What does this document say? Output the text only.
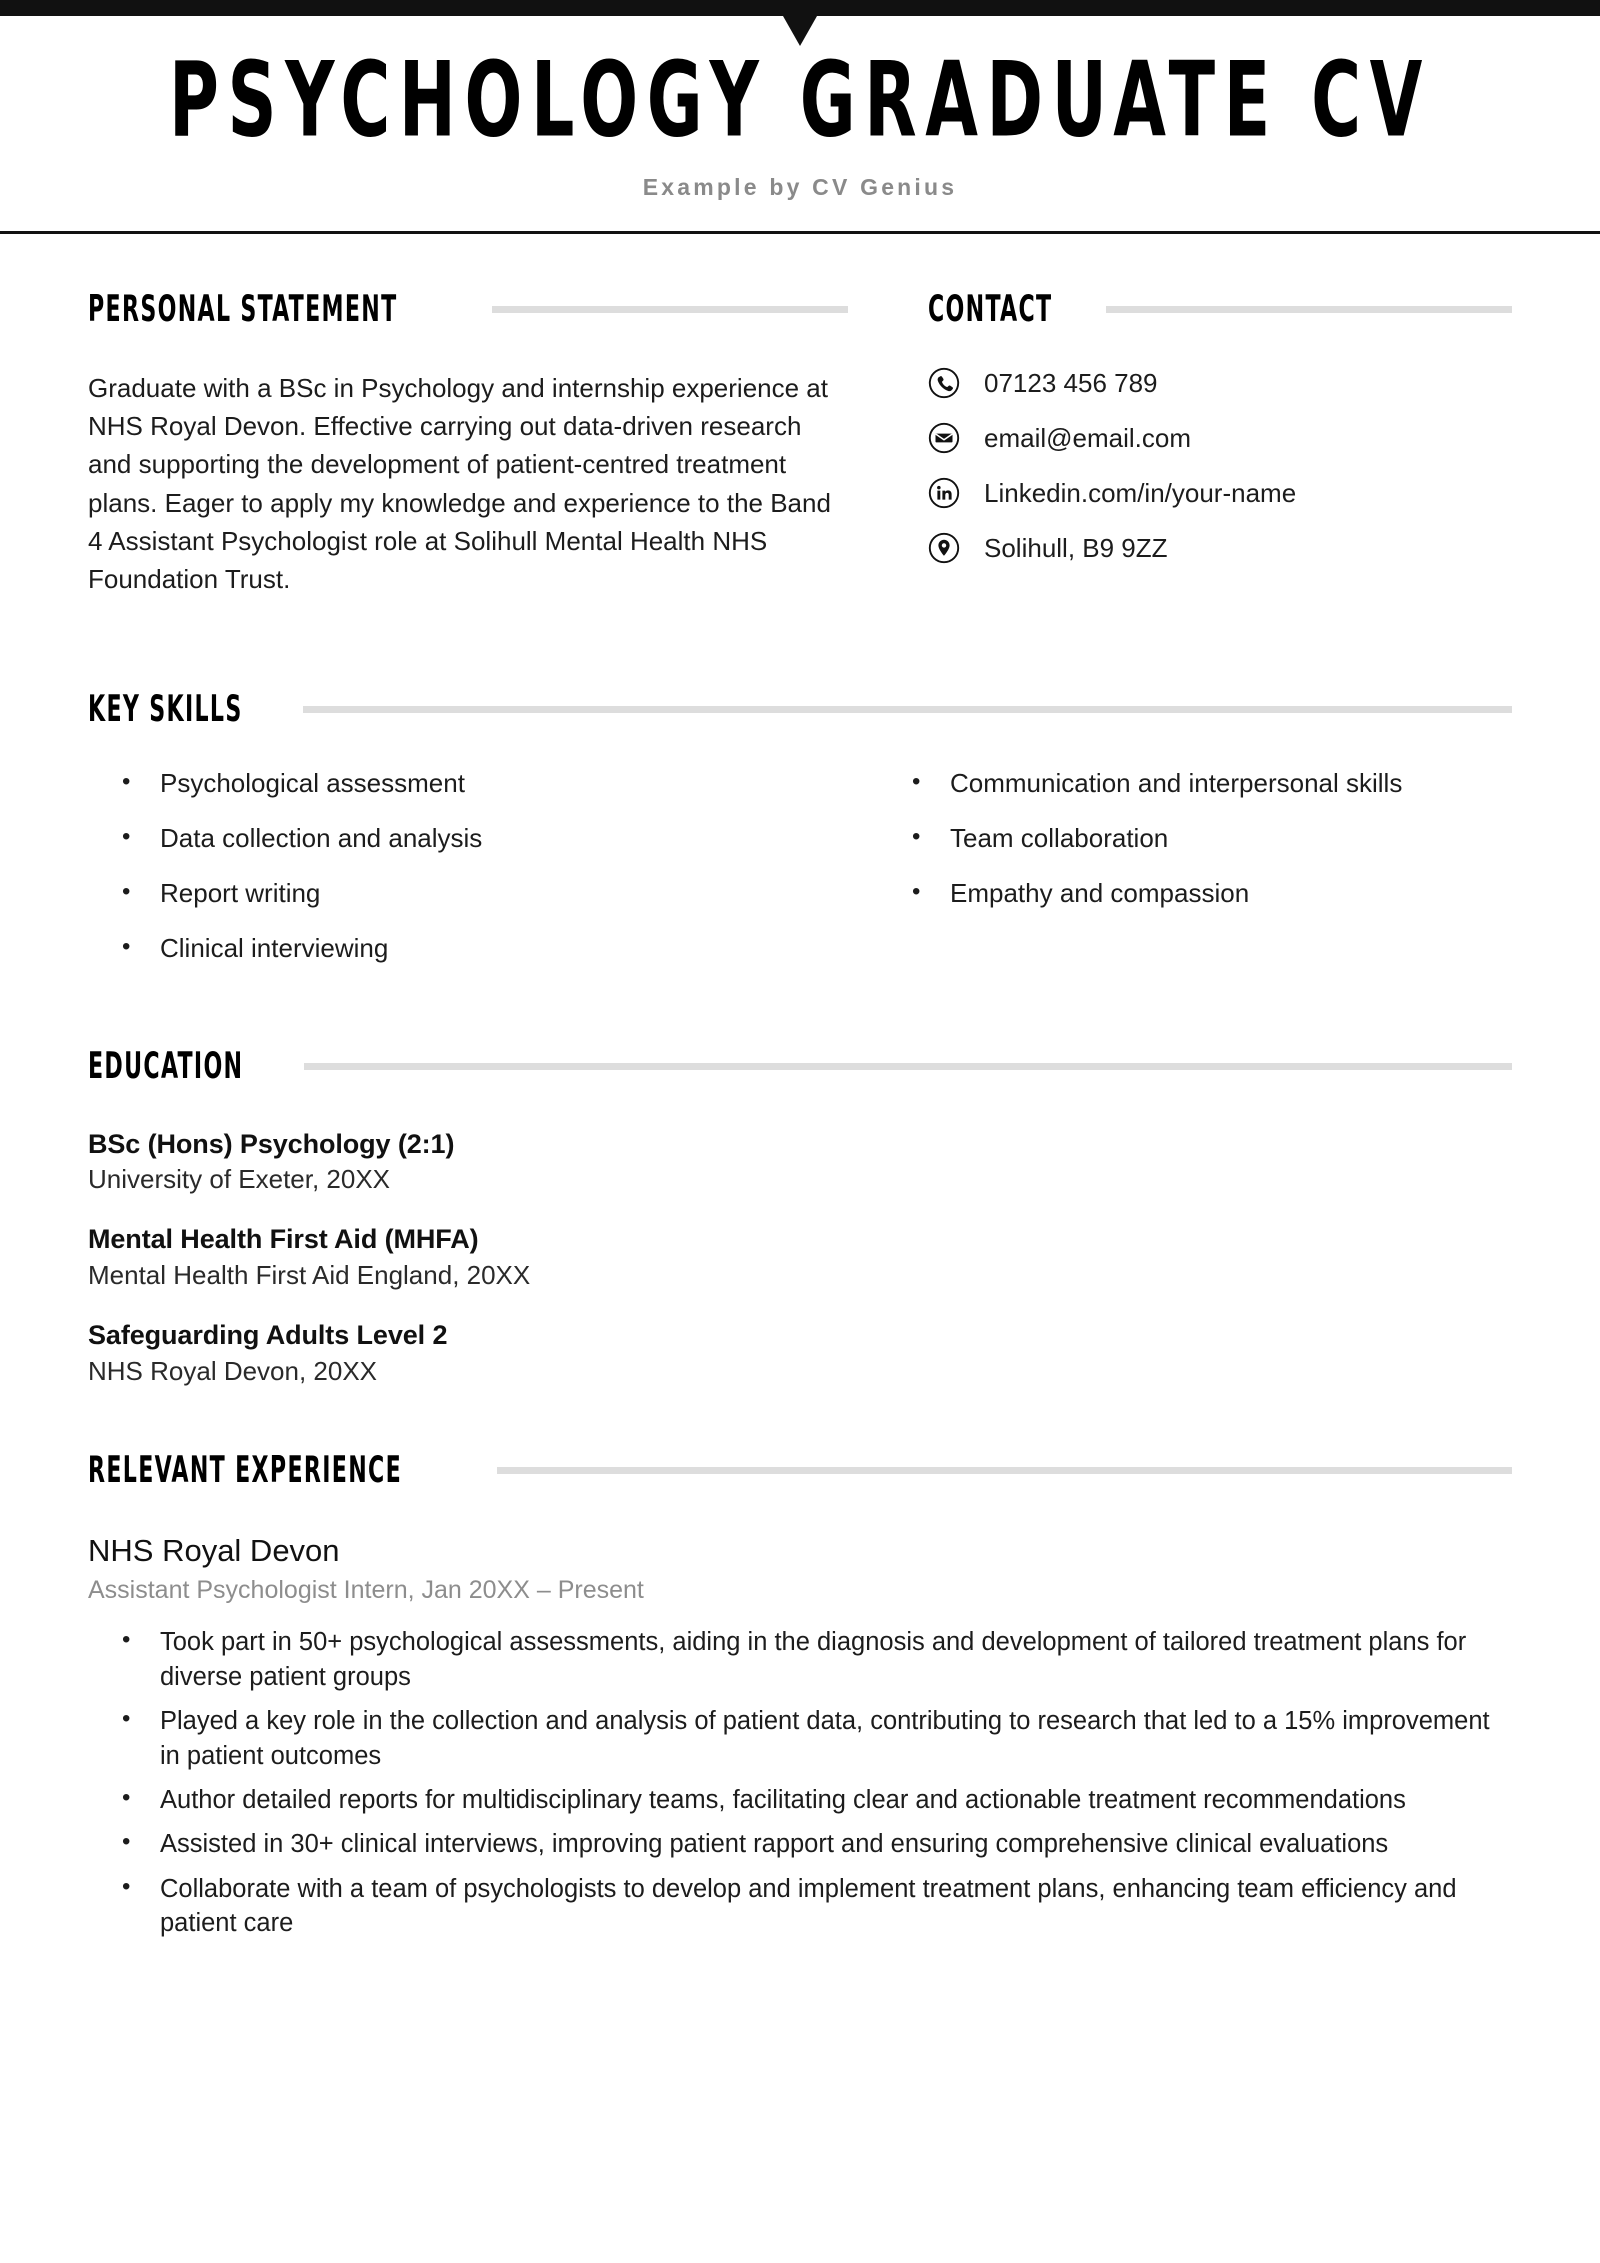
PSYCHOLOGY GRADUATE CV
Example by CV Genius
PERSONAL STATEMENT

Graduate with a BSc in Psychology and internship experience at NHS Royal Devon. Effective carrying out data-driven research and supporting the development of patient-centred treatment plans. Eager to apply my knowledge and experience to the Band 4 Assistant Psychologist role at Solihull Mental Health NHS Foundation Trust.

CONTACT
07123 456 789
email@email.com
Linkedin.com/in/your-name
Solihull, B9 9ZZ
KEY SKILLS
• Psychological assessment
• Data collection and analysis
• Report writing
• Clinical interviewing
• Communication and interpersonal skills
• Team collaboration
• Empathy and compassion
EDUCATION
BSc (Hons) Psychology (2:1)
University of Exeter, 20XX
Mental Health First Aid (MHFA)
Mental Health First Aid England, 20XX
Safeguarding Adults Level 2
NHS Royal Devon, 20XX
RELEVANT EXPERIENCE
NHS Royal Devon
Assistant Psychologist Intern, Jan 20XX – Present
• Took part in 50+ psychological assessments, aiding in the diagnosis and development of tailored treatment plans for diverse patient groups
• Played a key role in the collection and analysis of patient data, contributing to research that led to a 15% improvement in patient outcomes
• Author detailed reports for multidisciplinary teams, facilitating clear and actionable treatment recommendations
• Assisted in 30+ clinical interviews, improving patient rapport and ensuring comprehensive clinical evaluations
• Collaborate with a team of psychologists to develop and implement treatment plans, enhancing team efficiency and patient care
